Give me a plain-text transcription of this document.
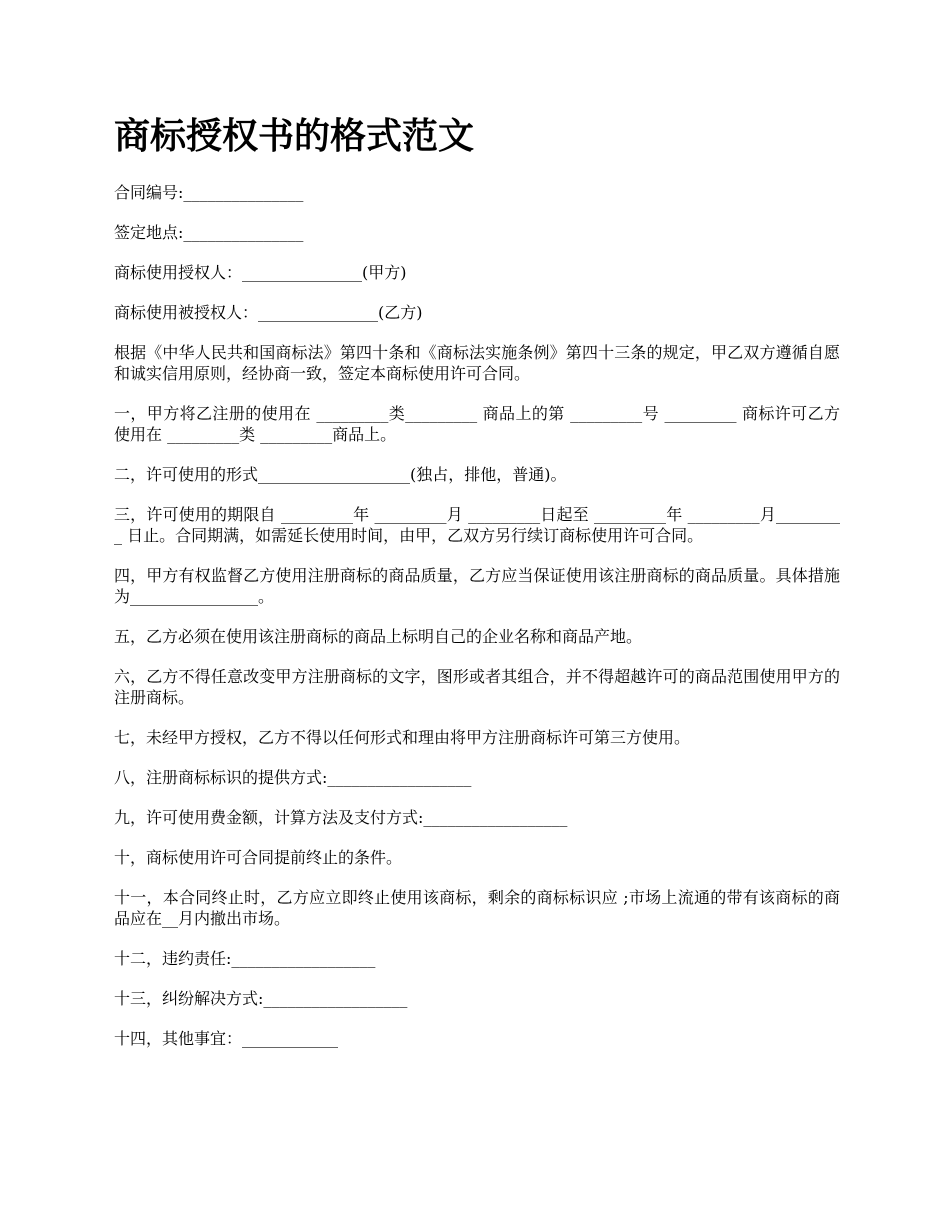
商标授权书的格式范文

合同编号:_______________

签定地点:_______________

商标使用授权人：_______________(甲方)

商标使用被授权人：_______________(乙方)

根据《中华人民共和国商标法》第四十条和《商标法实施条例》第四十三条的规定，甲乙双方遵循自愿和诚实信用原则，经协商一致，签定本商标使用许可合同。

一，甲方将乙注册的使用在 _________类_________ 商品上的第 _________号 _________ 商标许可乙方使用在 _________类 _________商品上。

二，许可使用的形式___________________(独占，排他，普通)。

三，许可使用的期限自 _________年 _________月 _________日起至 _________年 _________月_________ 日止。合同期满，如需延长使用时间，由甲，乙双方另行续订商标使用许可合同。

四，甲方有权监督乙方使用注册商标的商品质量，乙方应当保证使用该注册商标的商品质量。具体措施为________________。

五，乙方必须在使用该注册商标的商品上标明自己的企业名称和商品产地。

六，乙方不得任意改变甲方注册商标的文字，图形或者其组合，并不得超越许可的商品范围使用甲方的注册商标。

七，未经甲方授权，乙方不得以任何形式和理由将甲方注册商标许可第三方使用。

八，注册商标标识的提供方式:__________________

九，许可使用费金额，计算方法及支付方式:__________________

十，商标使用许可合同提前终止的条件。

十一，本合同终止时，乙方应立即终止使用该商标，剩余的商标标识应 ;市场上流通的带有该商标的商品应在__月内撤出市场。

十二，违约责任:__________________

十三，纠纷解决方式:__________________

十四，其他事宜：____________
